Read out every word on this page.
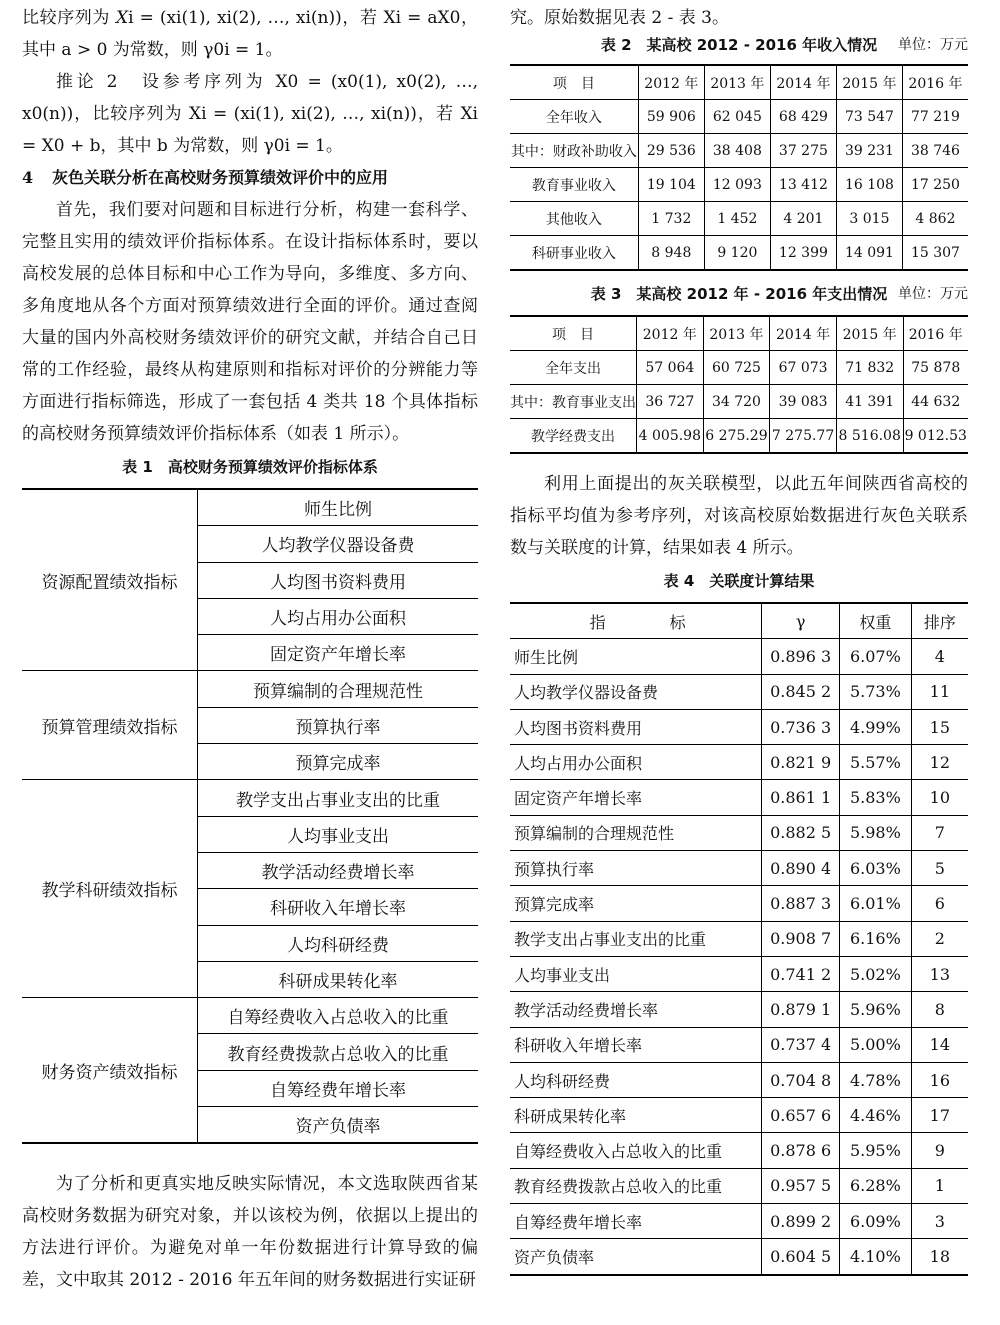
比较序列为 Xi = (xi(1), xi(2), …, xi(n))，若 Xi = aX0，其中 a > 0 为常数，则 γ0i = 1。

推论 2　设参考序列为 X0 = (x0(1), x0(2), …, x0(n))，比较序列为 Xi = (xi(1), xi(2), …, xi(n))，若 Xi = X0 + b，其中 b 为常数，则 γ0i = 1。

4 灰色关联分析在高校财务预算绩效评价中的应用

首先，我们要对问题和目标进行分析，构建一套科学、完整且实用的绩效评价指标体系。在设计指标体系时，要以高校发展的总体目标和中心工作为导向，多维度、多方向、多角度地从各个方面对预算绩效进行全面的评价。通过查阅大量的国内外高校财务绩效评价的研究文献，并结合自己日常的工作经验，最终从构建原则和指标对评价的分辨能力等方面进行指标筛选，形成了一套包括 4 类共 18 个具体指标的高校财务预算绩效评价指标体系（如表 1 所示）。

表 1　高校财务预算绩效评价指标体系
资源配置绩效指标	师生比例
	人均教学仪器设备费
	人均图书资料费用
	人均占用办公面积
	固定资产年增长率
预算管理绩效指标	预算编制的合理规范性
	预算执行率
	预算完成率
教学科研绩效指标	教学支出占事业支出的比重
	人均事业支出
	教学活动经费增长率
	科研收入年增长率
	人均科研经费
	科研成果转化率
财务资产绩效指标	自筹经费收入占总收入的比重
	教育经费拨款占总收入的比重
	自筹经费年增长率
	资产负债率

为了分析和更真实地反映实际情况，本文选取陕西省某高校财务数据为研究对象，并以该校为例，依据以上提出的方法进行评价。为避免对单一年份数据进行计算导致的偏差，文中取其 2012 - 2016 年五年间的财务数据进行实证研

究。原始数据见表 2 - 表 3。

表 2　某高校 2012 - 2016 年收入情况 单位：万元
项　目	2012 年	2013 年	2014 年	2015 年	2016 年
全年收入	59 906	62 045	68 429	73 547	77 219
其中：财政补助收入	29 536	38 408	37 275	39 231	38 746
教育事业收入	19 104	12 093	13 412	16 108	17 250
其他收入	1 732	1 452	4 201	3 015	4 862
科研事业收入	8 948	9 120	12 399	14 091	15 307
表 3　某高校 2012 年 - 2016 年支出情况 单位：万元
项　目	2012 年	2013 年	2014 年	2015 年	2016 年
全年支出	57 064	60 725	67 073	71 832	75 878
其中：教育事业支出	36 727	34 720	39 083	41 391	44 632
教学经费支出	4 005.98	6 275.29	7 275.77	8 516.08	9 012.53

利用上面提出的灰关联模型，以此五年间陕西省高校的指标平均值为参考序列，对该高校原始数据进行灰色关联系数与关联度的计算，结果如表 4 所示。

表 4　关联度计算结果
指　　　　标	γ	权重	排序
师生比例	0.896 3	6.07%	4
人均教学仪器设备费	0.845 2	5.73%	11
人均图书资料费用	0.736 3	4.99%	15
人均占用办公面积	0.821 9	5.57%	12
固定资产年增长率	0.861 1	5.83%	10
预算编制的合理规范性	0.882 5	5.98%	7
预算执行率	0.890 4	6.03%	5
预算完成率	0.887 3	6.01%	6
教学支出占事业支出的比重	0.908 7	6.16%	2
人均事业支出	0.741 2	5.02%	13
教学活动经费增长率	0.879 1	5.96%	8
科研收入年增长率	0.737 4	5.00%	14
人均科研经费	0.704 8	4.78%	16
科研成果转化率	0.657 6	4.46%	17
自筹经费收入占总收入的比重	0.878 6	5.95%	9
教育经费拨款占总收入的比重	0.957 5	6.28%	1
自筹经费年增长率	0.899 2	6.09%	3
资产负债率	0.604 5	4.10%	18
